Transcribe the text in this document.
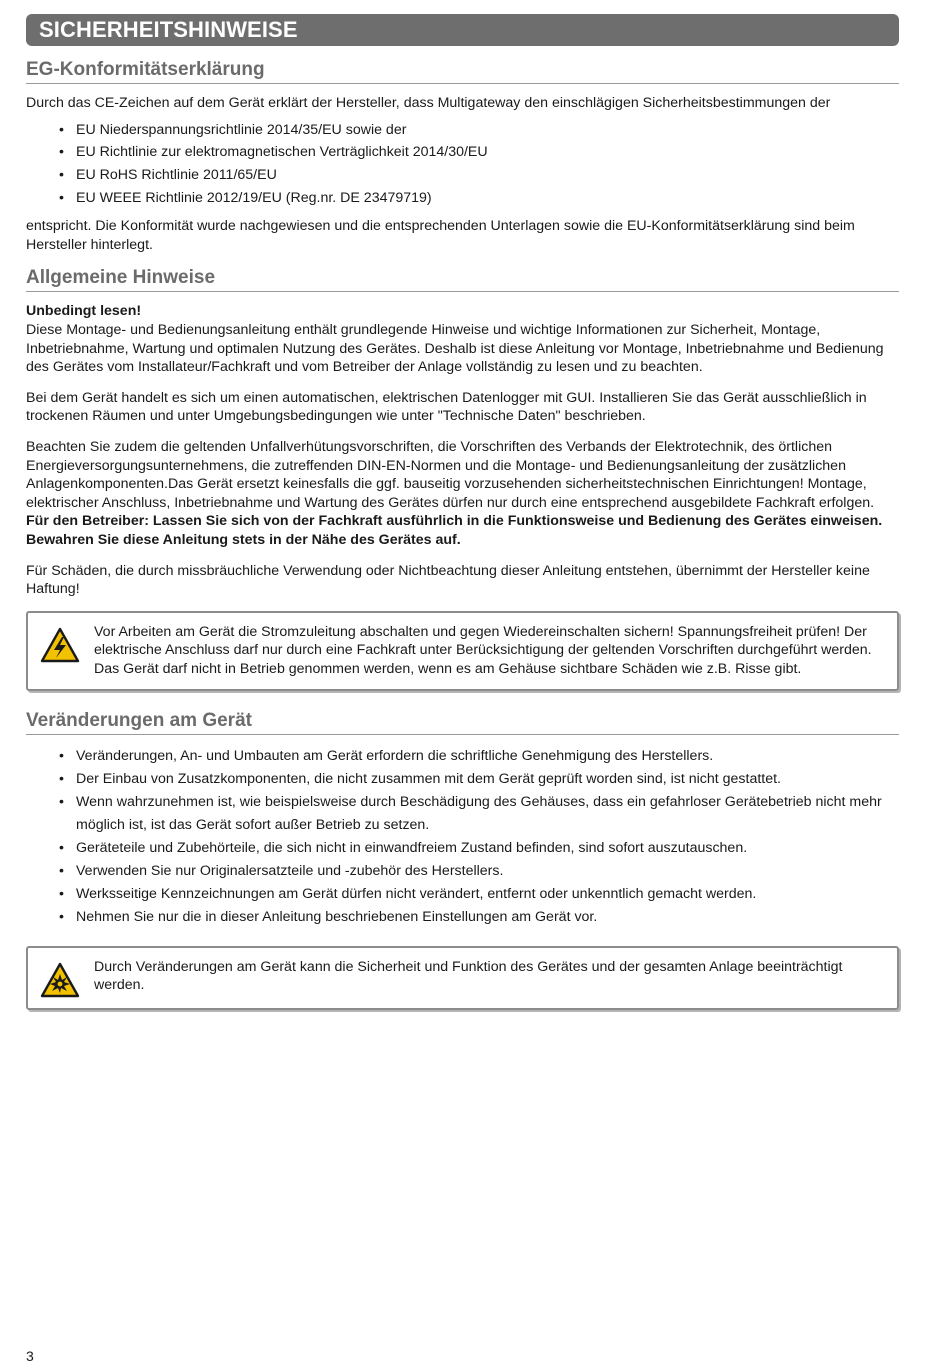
SICHERHEITSHINWEISE
EG-Konformitätserklärung

Durch das CE-Zeichen auf dem Gerät erklärt der Hersteller, dass Multigateway den einschlägigen Sicherheitsbestimmungen der

• EU Niederspannungsrichtlinie 2014/35/EU sowie der
• EU Richtlinie zur elektromagnetischen Verträglichkeit 2014/30/EU
• EU RoHS Richtlinie 2011/65/EU
• EU WEEE Richtlinie 2012/19/EU (Reg.nr. DE 23479719)

entspricht. Die Konformität wurde nachgewiesen und die entsprechenden Unterlagen sowie die EU-Konformitätserklärung sind beim Hersteller hinterlegt.

Allgemeine Hinweise

Unbedingt lesen!

Diese Montage- und Bedienungsanleitung enthält grundlegende Hinweise und wichtige Informationen zur Sicherheit, Montage, Inbetriebnahme, Wartung und optimalen Nutzung des Gerätes. Deshalb ist diese Anleitung vor Montage, Inbetriebnahme und Bedienung des Gerätes vom Installateur/Fachkraft und vom Betreiber der Anlage vollständig zu lesen und zu beachten.

Bei dem Gerät handelt es sich um einen automatischen, elektrischen Datenlogger mit GUI. Installieren Sie das Gerät ausschließlich in trockenen Räumen und unter Umgebungsbedingungen wie unter "Technische Daten" beschrieben.

Beachten Sie zudem die geltenden Unfallverhütungsvorschriften, die Vorschriften des Verbands der Elektrotechnik, des örtlichen Energieversorgungsunternehmens, die zutreffenden DIN-EN-Normen und die Montage- und Bedienungsanleitung der zusätzlichen Anlagenkomponenten.Das Gerät ersetzt keinesfalls die ggf. bauseitig vorzusehenden sicherheitstechnischen Einrichtungen! Montage, elektrischer Anschluss, Inbetriebnahme und Wartung des Gerätes dürfen nur durch eine entsprechend ausgebildete Fachkraft erfolgen.

Für den Betreiber: Lassen Sie sich von der Fachkraft ausführlich in die Funktionsweise und Bedienung des Gerätes einweisen. Bewahren Sie diese Anleitung stets in der Nähe des Gerätes auf.

Für Schäden, die durch missbräuchliche Verwendung oder Nichtbeachtung dieser Anleitung entstehen, übernimmt der Hersteller keine Haftung!

Vor Arbeiten am Gerät die Stromzuleitung abschalten und gegen Wiedereinschalten sichern! Spannungsfreiheit prüfen! Der elektrische Anschluss darf nur durch eine Fachkraft unter Berücksichtigung der geltenden Vorschriften durchgeführt werden. Das Gerät darf nicht in Betrieb genommen werden, wenn es am Gehäuse sichtbare Schäden wie z.B. Risse gibt.
Veränderungen am Gerät
• Veränderungen, An- und Umbauten am Gerät erfordern die schriftliche Genehmigung des Herstellers.
• Der Einbau von Zusatzkomponenten, die nicht zusammen mit dem Gerät geprüft worden sind, ist nicht gestattet.
• Wenn wahrzunehmen ist, wie beispielsweise durch Beschädigung des Gehäuses, dass ein gefahrloser Gerätebetrieb nicht mehr möglich ist, ist das Gerät sofort außer Betrieb zu setzen.
• Geräteteile und Zubehörteile, die sich nicht in einwandfreiem Zustand befinden, sind sofort auszutauschen.
• Verwenden Sie nur Originalersatzteile und -zubehör des Herstellers.
• Werksseitige Kennzeichnungen am Gerät dürfen nicht verändert, entfernt oder unkenntlich gemacht werden.
• Nehmen Sie nur die in dieser Anleitung beschriebenen Einstellungen am Gerät vor.
Durch Veränderungen am Gerät kann die Sicherheit und Funktion des Gerätes und der gesamten Anlage beeinträchtigt werden.
3
